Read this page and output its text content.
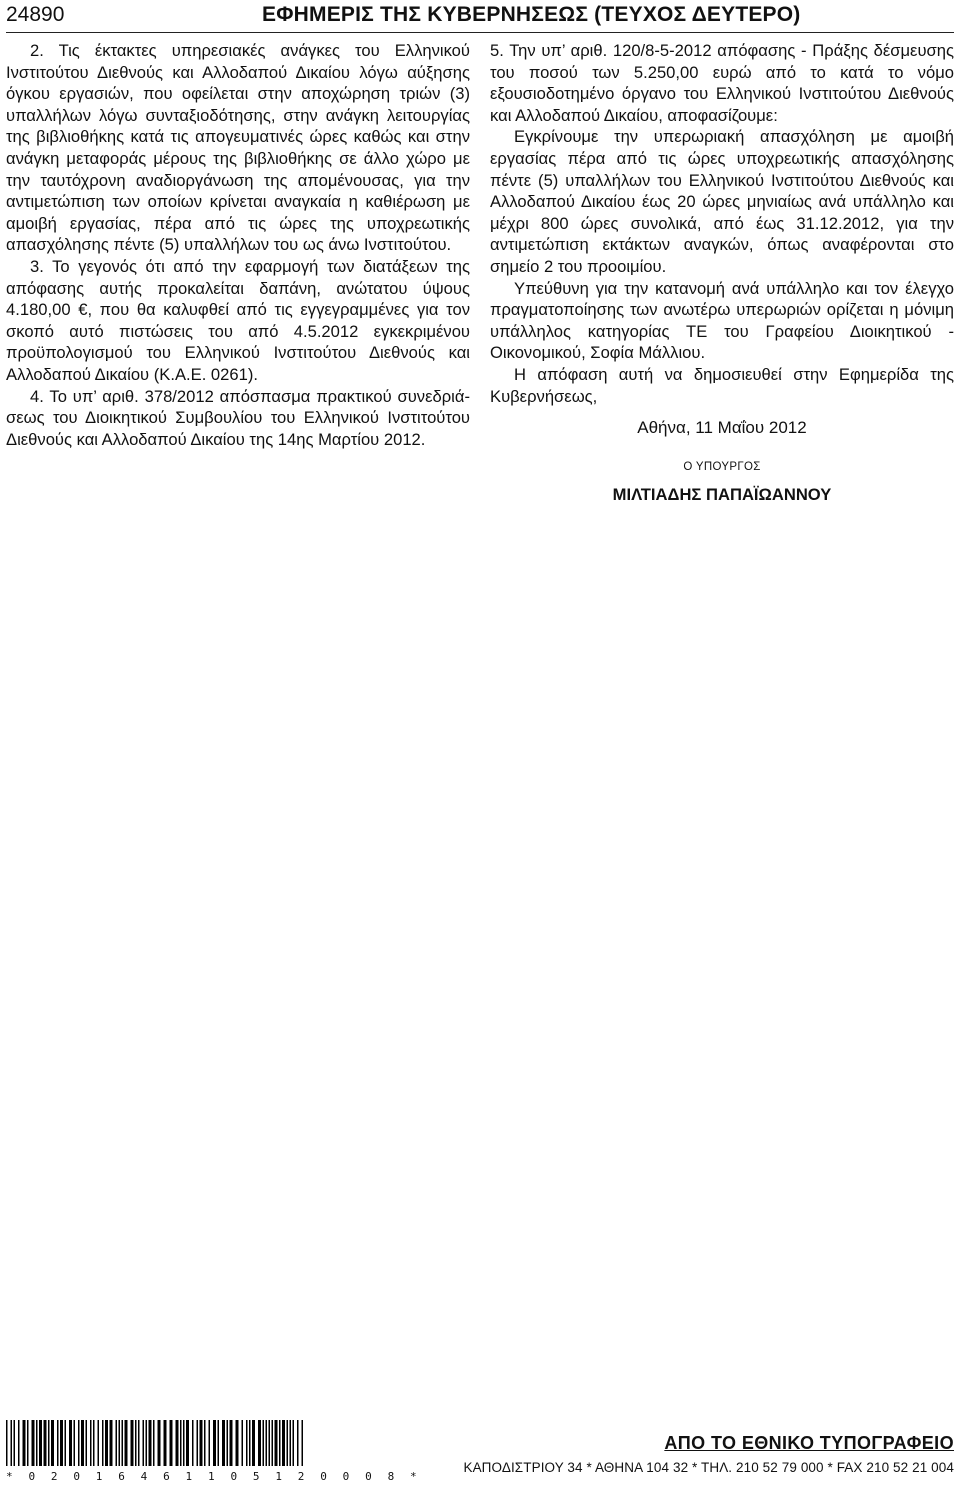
24890	ΕΦΗΜΕΡΙΣ ΤΗΣ ΚΥΒΕΡΝΗΣΕΩΣ (ΤΕΥΧΟΣ ΔΕΥΤΕΡΟ)

2. Τις έκτακτες υπηρεσιακές ανάγκες του Ελληνικού Ινστιτούτου Διεθνούς και Αλλοδαπού Δικαίου λόγω αύξησης όγκου εργασιών, που οφείλεται στην αποχώρηση τριών (3) υπαλλήλων λόγω συνταξιοδότησης, στην ανάγκη λειτουργίας της βιβλιοθήκης κατά τις απογευματινές ώρες καθώς και στην ανάγκη μεταφοράς μέρους της βιβλιοθήκης σε άλλο χώρο με την ταυτόχρονη αναδιοργάνωση της απομένουσας, για την αντιμετώπιση των οποίων κρίνεται αναγκαία η καθιέρωση με αμοιβή εργασίας, πέρα από τις ώρες της υποχρεωτικής απασχόλησης πέντε (5) υπαλλήλων του ως άνω Ινστιτούτου.

3. Το γεγονός ότι από την εφαρμογή των διατάξεων της απόφασης αυτής προκαλείται δαπάνη, ανώτατου ύψους 4.180,00 €, που θα καλυφθεί από τις εγγεγραμμένες για τον σκοπό αυτό πιστώσεις του από 4.5.2012 εγκεκριμένου προϋπολογισμού του Ελληνικού Ινστιτούτου Διεθνούς και Αλλοδαπού Δικαίου (Κ.Α.Ε. 0261).

4. Το υπ’ αριθ. 378/2012 απόσπασμα πρακτικού συνεδριάσεως του Διοικητικού Συμβουλίου του Ελληνικού Ινστιτούτου Διεθνούς και Αλλοδαπού Δικαίου της 14ης Μαρτίου 2012.

5. Την υπ’ αριθ. 120/8-5-2012 απόφασης - Πράξης δέσμευσης του ποσού των 5.250,00 ευρώ από το κατά το νόμο εξουσιοδοτημένο όργανο του Ελληνικού Ινστιτούτου Διεθνούς και Αλλοδαπού Δικαίου, αποφασίζουμε:

Εγκρίνουμε την υπερωριακή απασχόληση με αμοιβή εργασίας πέρα από τις ώρες υποχρεωτικής απασχόλησης πέντε (5) υπαλλήλων του Ελληνικού Ινστιτούτου Διεθνούς και Αλλοδαπού Δικαίου έως 20 ώρες μηνιαίως ανά υπάλληλο και μέχρι 800 ώρες συνολικά, από έως 31.12.2012, για την αντιμετώπιση εκτάκτων αναγκών, όπως αναφέρονται στο σημείο 2 του προοιμίου.

Υπεύθυνη για την κατανομή ανά υπάλληλο και τον έλεγχο πραγματοποίησης των ανωτέρω υπερωριών ορίζεται η μόνιμη υπάλληλος κατηγορίας ΤΕ του Γραφείου Διοικητικού - Οικονομικού, Σοφία Μάλλιου.

Η απόφαση αυτή να δημοσιευθεί στην Εφημερίδα της Κυβερνήσεως,

Αθήνα, 11 Μαΐου 2012

Ο ΥΠΟΥΡΓΟΣ

ΜΙΛΤΙΑΔΗΣ ΠΑΠΑΪΩΑΝΝΟΥ

* 0 2 0 1 6 4 6 1 1 0 5 1 2 0 0 0 8 *
ΑΠΟ ΤΟ ΕΘΝΙΚΟ ΤΥΠΟΓΡΑΦΕΙΟ
ΚΑΠΟΔΙΣΤΡΙΟΥ 34 * ΑΘΗΝΑ 104 32 * ΤΗΛ. 210 52 79 000 * FAX 210 52 21 004
